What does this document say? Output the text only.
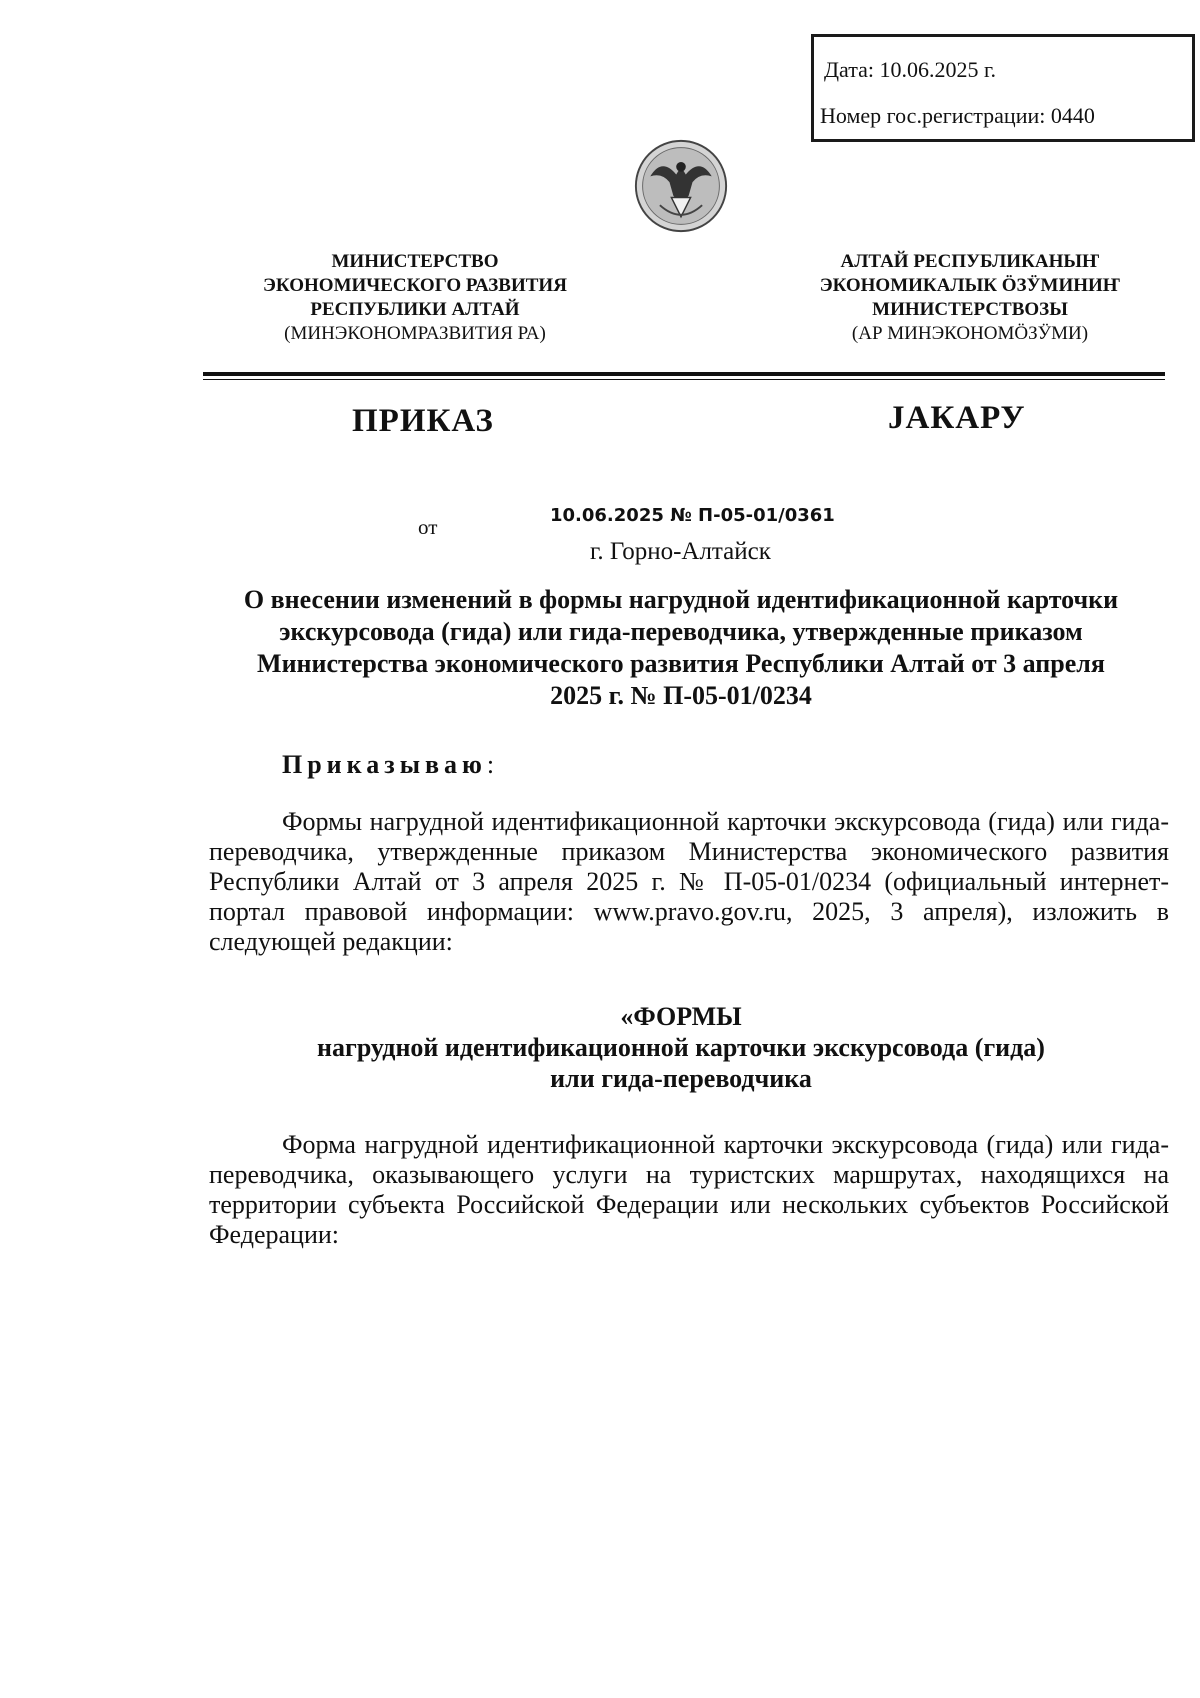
Дата: 10.06.2025 г.
Номер гос.регистрации: 0440
МИНИСТЕРСТВО
ЭКОНОМИЧЕСКОГО РАЗВИТИЯ
РЕСПУБЛИКИ АЛТАЙ
(МИНЭКОНОМРАЗВИТИЯ РА)
АЛТАЙ РЕСПУБЛИКАНЫҤ
ЭКОНОМИКАЛЫК ӦЗӰМИНИҤ
МИНИСТЕРСТВОЗЫ
(АР МИНЭКОНОМӦЗӰМИ)
ПРИКАЗ	JАКАРУ
от	10.06.2025 № П-05-01/0361
г. Горно-Алтайск
О внесении изменений в формы нагрудной идентификационной карточки
экскурсовода (гида) или гида-переводчика, утвержденные приказом
Министерства экономического развития Республики Алтай от 3 апреля
2025 г. № П-05-01/0234
Приказываю:
Формы нагрудной идентификационной карточки экскурсовода (гида) или гида-переводчика, утвержденные приказом Министерства экономического развития Республики Алтай от 3 апреля 2025 г. № П-05-01/0234 (официальный интернет-портал правовой информации: www.pravo.gov.ru, 2025, 3 апреля), изложить в следующей редакции:
«ФОРМЫ
нагрудной идентификационной карточки экскурсовода (гида)
или гида-переводчика
Форма нагрудной идентификационной карточки экскурсовода (гида) или гида-переводчика, оказывающего услуги на туристских маршрутах, находящихся на территории субъекта Российской Федерации или нескольких субъектов Российской Федерации:
